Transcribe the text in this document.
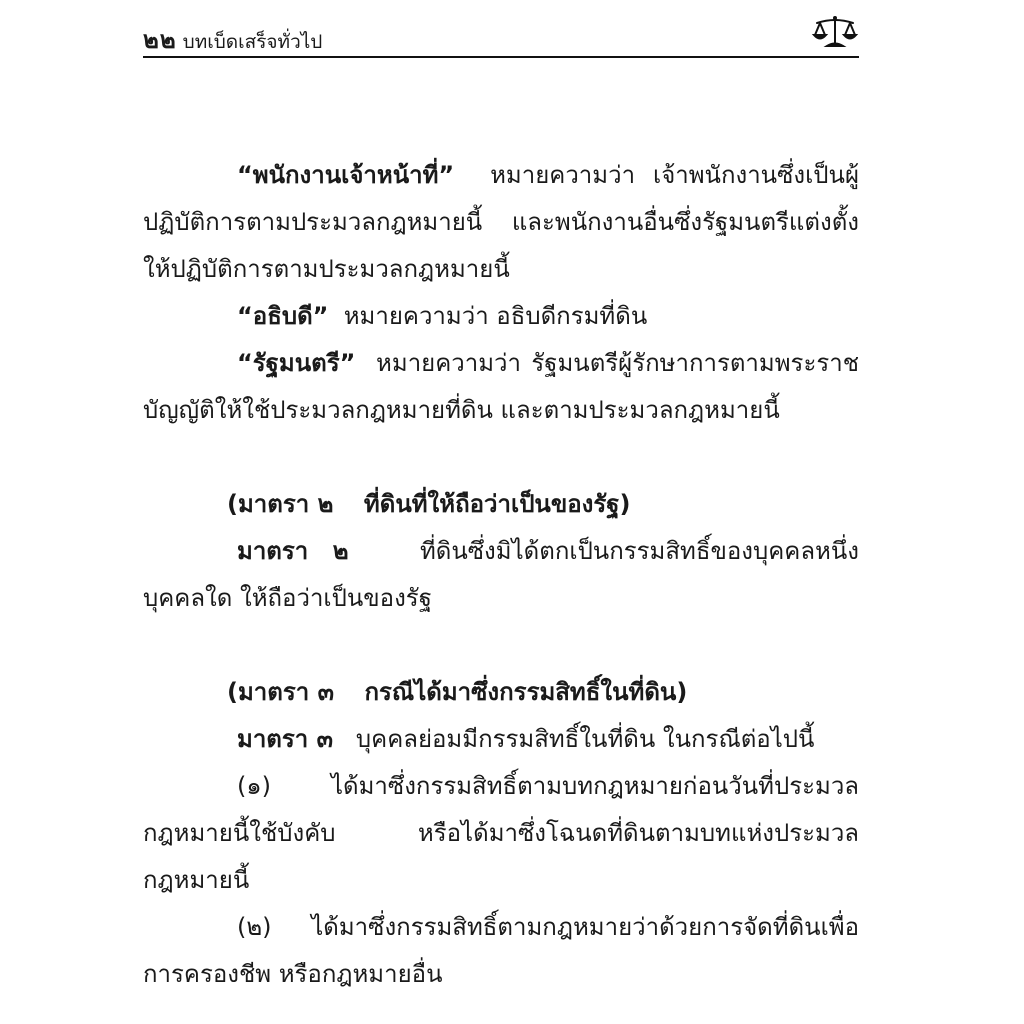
๒๒ บทเบ็ดเสร็จทั่วไป
“พนักงานเจ้าหน้าที่” หมายความว่า เจ้าพนักงานซึ่งเป็นผู้
ปฏิบัติการตามประมวลกฎหมายนี้ และพนักงานอื่นซึ่งรัฐมนตรีแต่งตั้ง
ให้ปฏิบัติการตามประมวลกฎหมายนี้
“อธิบดี” หมายความว่า อธิบดีกรมที่ดิน
“รัฐมนตรี” หมายความว่า รัฐมนตรีผู้รักษาการตามพระราช
บัญญัติให้ใช้ประมวลกฎหมายที่ดิน และตามประมวลกฎหมายนี้
(มาตรา ๒ ที่ดินที่ให้ถือว่าเป็นของรัฐ)
มาตรา ๒	ที่ดินซึ่งมิได้ตกเป็นกรรมสิทธิ์ของบุคคลหนึ่ง
บุคคลใด ให้ถือว่าเป็นของรัฐ
(มาตรา ๓ กรณีได้มาซึ่งกรรมสิทธิ์ในที่ดิน)
มาตรา ๓ บุคคลย่อมมีกรรมสิทธิ์ในที่ดิน ในกรณีต่อไปนี้
(๑) ได้มาซึ่งกรรมสิทธิ์ตามบทกฎหมายก่อนวันที่ประมวล
กฎหมายนี้ใช้บังคับ หรือได้มาซึ่งโฉนดที่ดินตามบทแห่งประมวล
กฎหมายนี้
(๒) ได้มาซึ่งกรรมสิทธิ์ตามกฎหมายว่าด้วยการจัดที่ดินเพื่อ
การครองชีพ หรือกฎหมายอื่น
